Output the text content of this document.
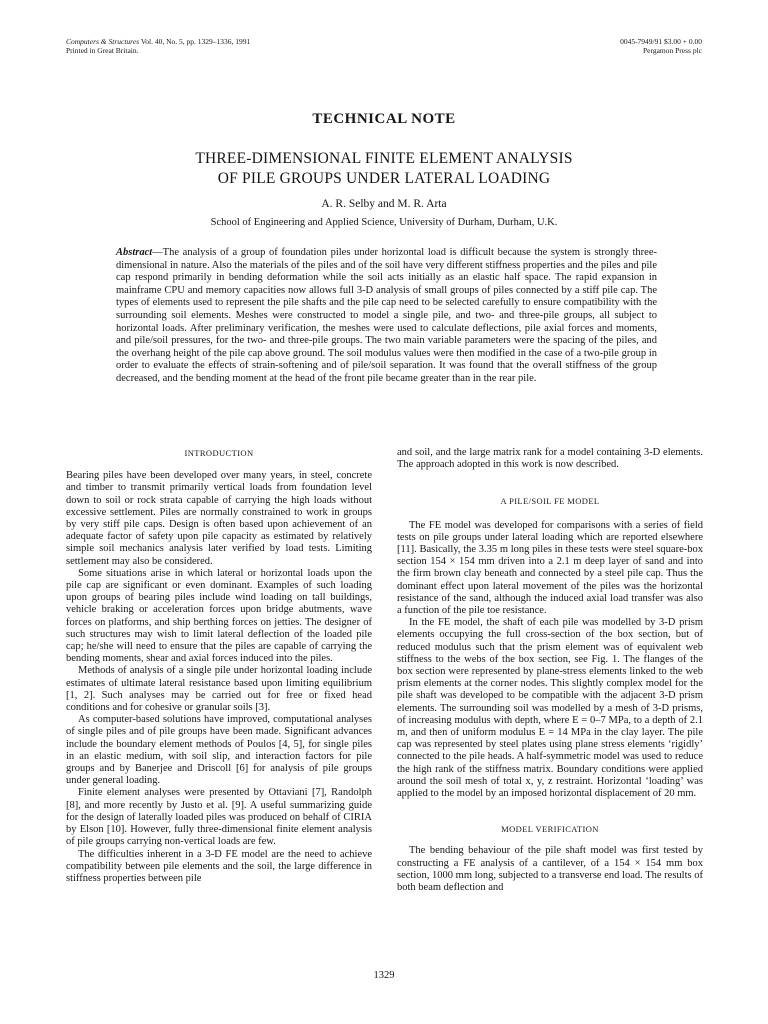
Computers & Structures Vol. 40, No. 5, pp. 1329–1336, 1991
Printed in Great Britain.
0045-7949/91 $3.00 + 0.00
Pergamon Press plc
TECHNICAL NOTE
THREE-DIMENSIONAL FINITE ELEMENT ANALYSIS
OF PILE GROUPS UNDER LATERAL LOADING
A. R. Selby and M. R. Arta
School of Engineering and Applied Science, University of Durham, Durham, U.K.
Abstract—The analysis of a group of foundation piles under horizontal load is difficult because the system is strongly three-dimensional in nature. Also the materials of the piles and of the soil have very different stiffness properties and the piles and pile cap respond primarily in bending deformation while the soil acts initially as an elastic half space. The rapid expansion in mainframe CPU and memory capacities now allows full 3-D analysis of small groups of piles connected by a stiff pile cap. The types of elements used to represent the pile shafts and the pile cap need to be selected carefully to ensure compatibility with the surrounding soil elements. Meshes were constructed to model a single pile, and two- and three-pile groups, all subject to horizontal loads. After preliminary verification, the meshes were used to calculate deflections, pile axial forces and moments, and pile/soil pressures, for the two- and three-pile groups. The two main variable parameters were the spacing of the piles, and the overhang height of the pile cap above ground. The soil modulus values were then modified in the case of a two-pile group in order to evaluate the effects of strain-softening and of pile/soil separation. It was found that the overall stiffness of the group decreased, and the bending moment at the head of the front pile became greater than in the rear pile.
INTRODUCTION

Bearing piles have been developed over many years, in steel, concrete and timber to transmit primarily vertical loads from foundation level down to soil or rock strata capable of carrying the high loads without excessive settlement. Piles are normally constrained to work in groups by very stiff pile caps. Design is often based upon achievement of an adequate factor of safety upon pile capacity as estimated by relatively simple soil mechanics analysis later verified by load tests. Limiting settlement may also be considered.

Some situations arise in which lateral or horizontal loads upon the pile cap are significant or even dominant. Examples of such loading upon groups of bearing piles include wind loading on tall buildings, vehicle braking or acceleration forces upon bridge abutments, wave forces on platforms, and ship berthing forces on jetties. The designer of such structures may wish to limit lateral deflection of the loaded pile cap; he/she will need to ensure that the piles are capable of carrying the bending moments, shear and axial forces induced into the piles.

Methods of analysis of a single pile under horizontal loading include estimates of ultimate lateral resistance based upon limiting equilibrium [1, 2]. Such analyses may be carried out for free or fixed head conditions and for cohesive or granular soils [3].

As computer-based solutions have improved, computational analyses of single piles and of pile groups have been made. Significant advances include the boundary element methods of Poulos [4, 5], for single piles in an elastic medium, with soil slip, and interaction factors for pile groups and by Banerjee and Driscoll [6] for analysis of pile groups under general loading.

Finite element analyses were presented by Ottaviani [7], Randolph [8], and more recently by Justo et al. [9]. A useful summarizing guide for the design of laterally loaded piles was produced on behalf of CIRIA by Elson [10]. However, fully three-dimensional finite element analysis of pile groups carrying non-vertical loads are few.

The difficulties inherent in a 3-D FE model are the need to achieve compatibility between pile elements and the soil, the large difference in stiffness properties between pile

and soil, and the large matrix rank for a model containing 3-D elements. The approach adopted in this work is now described.

A PILE/SOIL FE MODEL

The FE model was developed for comparisons with a series of field tests on pile groups under lateral loading which are reported elsewhere [11]. Basically, the 3.35 m long piles in these tests were steel square-box section 154 × 154 mm driven into a 2.1 m deep layer of sand and into the firm brown clay beneath and connected by a steel pile cap. Thus the dominant effect upon lateral movement of the piles was the horizontal resistance of the sand, although the induced axial load transfer was also a function of the pile toe resistance.

In the FE model, the shaft of each pile was modelled by 3-D prism elements occupying the full cross-section of the box section, but of reduced modulus such that the prism element was of equivalent web stiffness to the webs of the box section, see Fig. 1. The flanges of the box section were represented by plane-stress elements linked to the web prism elements at the corner nodes. This slightly complex model for the pile shaft was developed to be compatible with the adjacent 3-D prism elements. The surrounding soil was modelled by a mesh of 3-D prisms, of increasing modulus with depth, where E = 0–7 MPa, to a depth of 2.1 m, and then of uniform modulus E = 14 MPa in the clay layer. The pile cap was represented by steel plates using plane stress elements ‘rigidly’ connected to the pile heads. A half-symmetric model was used to reduce the high rank of the stiffness matrix. Boundary conditions were applied around the soil mesh of total x, y, z restraint. Horizontal ‘loading’ was applied to the model by an imposed horizontal displacement of 20 mm.

MODEL VERIFICATION

The bending behaviour of the pile shaft model was first tested by constructing a FE analysis of a cantilever, of a 154 × 154 mm box section, 1000 mm long, subjected to a transverse end load. The results of both beam deflection and

1329
